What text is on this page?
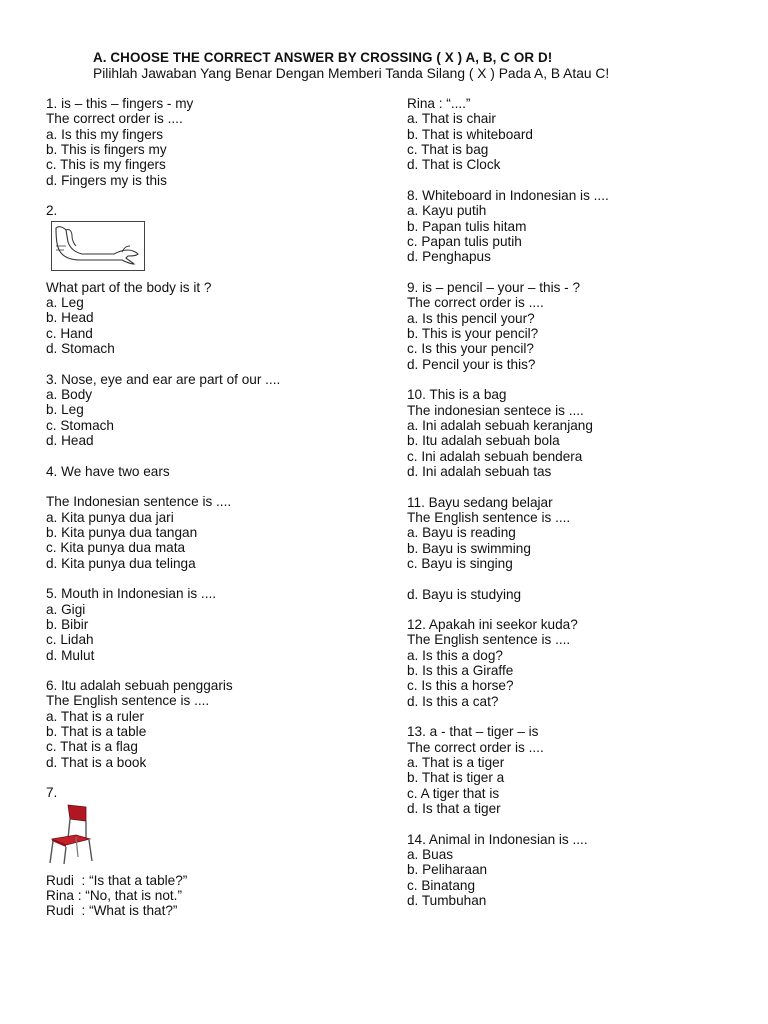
A. CHOOSE THE CORRECT ANSWER BY CROSSING ( X ) A, B, C OR D!
Pilihlah Jawaban Yang Benar Dengan Memberi Tanda Silang ( X ) Pada A, B Atau C!
1. is – this – fingers - my
The correct order is ....
a. Is this my fingers
b. This is fingers my
c. This is my fingers
d. Fingers my is this
2.
What part of the body is it ?
a. Leg
b. Head
c. Hand
d. Stomach
3. Nose, eye and ear are part of our ....
a. Body
b. Leg
c. Stomach
d. Head
4. We have two ears
The Indonesian sentence is ....
a. Kita punya dua jari
b. Kita punya dua tangan
c. Kita punya dua mata
d. Kita punya dua telinga
5. Mouth in Indonesian is ....
a. Gigi
b. Bibir
c. Lidah
d. Mulut
6. Itu adalah sebuah penggaris
The English sentence is ....
a. That is a ruler
b. That is a table
c. That is a flag
d. That is a book
7.
Rudi  : “Is that a table?”
Rina : “No, that is not.”
Rudi  : “What is that?”
Rina : “....”
a. That is chair
b. That is whiteboard
c. That is bag
d. That is Clock
8. Whiteboard in Indonesian is ....
a. Kayu putih
b. Papan tulis hitam
c. Papan tulis putih
d. Penghapus
9. is – pencil – your – this - ?
The correct order is ....
a. Is this pencil your?
b. This is your pencil?
c. Is this your pencil?
d. Pencil your is this?
10. This is a bag
The indonesian sentece is ....
a. Ini adalah sebuah keranjang
b. Itu adalah sebuah bola
c. Ini adalah sebuah bendera
d. Ini adalah sebuah tas
11. Bayu sedang belajar
The English sentence is ....
a. Bayu is reading
b. Bayu is swimming
c. Bayu is singing
d. Bayu is studying
12. Apakah ini seekor kuda?
The English sentence is ....
a. Is this a dog?
b. Is this a Giraffe
c. Is this a horse?
d. Is this a cat?
13. a - that – tiger – is
The correct order is ....
a. That is a tiger
b. That is tiger a
c. A tiger that is
d. Is that a tiger
14. Animal in Indonesian is ....
a. Buas
b. Peliharaan
c. Binatang
d. Tumbuhan
